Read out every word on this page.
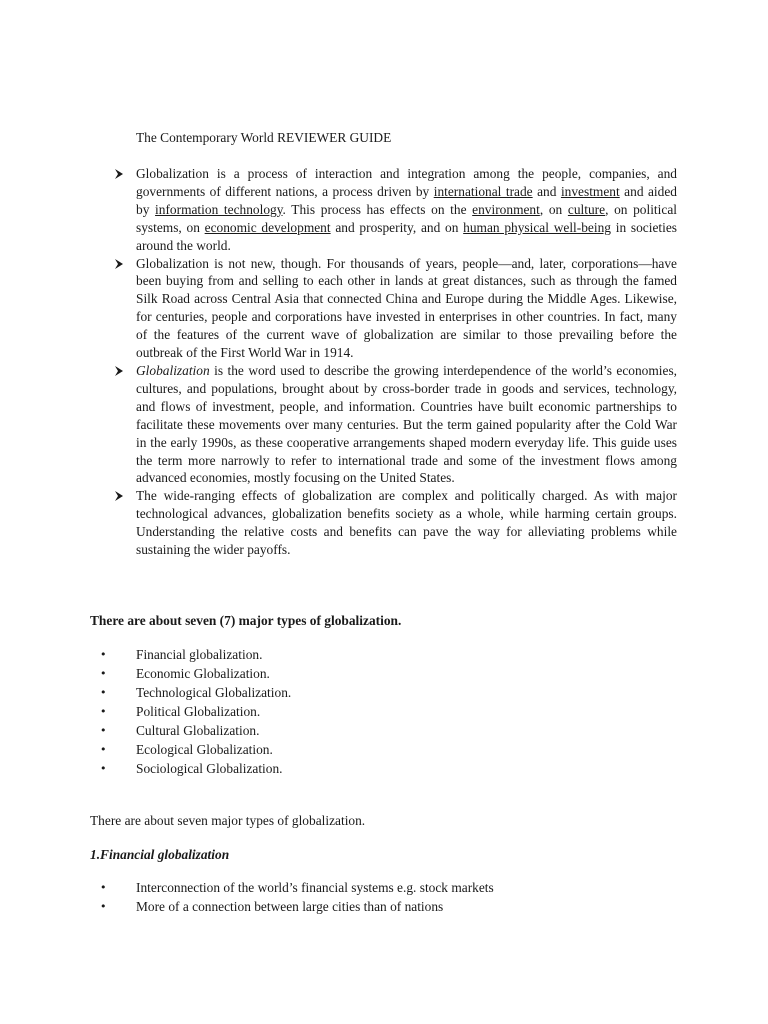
The Contemporary World REVIEWER GUIDE
Globalization is a process of interaction and integration among the people, companies, and governments of different nations, a process driven by international trade and investment and aided by information technology. This process has effects on the environment, on culture, on political systems, on economic development and prosperity, and on human physical well-being in societies around the world.
Globalization is not new, though. For thousands of years, people—and, later, corporations—have been buying from and selling to each other in lands at great distances, such as through the famed Silk Road across Central Asia that connected China and Europe during the Middle Ages. Likewise, for centuries, people and corporations have invested in enterprises in other countries. In fact, many of the features of the current wave of globalization are similar to those prevailing before the outbreak of the First World War in 1914.
Globalization is the word used to describe the growing interdependence of the world’s economies, cultures, and populations, brought about by cross-border trade in goods and services, technology, and flows of investment, people, and information. Countries have built economic partnerships to facilitate these movements over many centuries. But the term gained popularity after the Cold War in the early 1990s, as these cooperative arrangements shaped modern everyday life. This guide uses the term more narrowly to refer to international trade and some of the investment flows among advanced economies, mostly focusing on the United States.
The wide-ranging effects of globalization are complex and politically charged. As with major technological advances, globalization benefits society as a whole, while harming certain groups. Understanding the relative costs and benefits can pave the way for alleviating problems while sustaining the wider payoffs.
There are about seven (7) major types of globalization.
• Financial globalization.
• Economic Globalization.
• Technological Globalization.
• Political Globalization.
• Cultural Globalization.
• Ecological Globalization.
• Sociological Globalization.
There are about seven major types of globalization.
1.Financial globalization
• Interconnection of the world’s financial systems e.g. stock markets
• More of a connection between large cities than of nations
